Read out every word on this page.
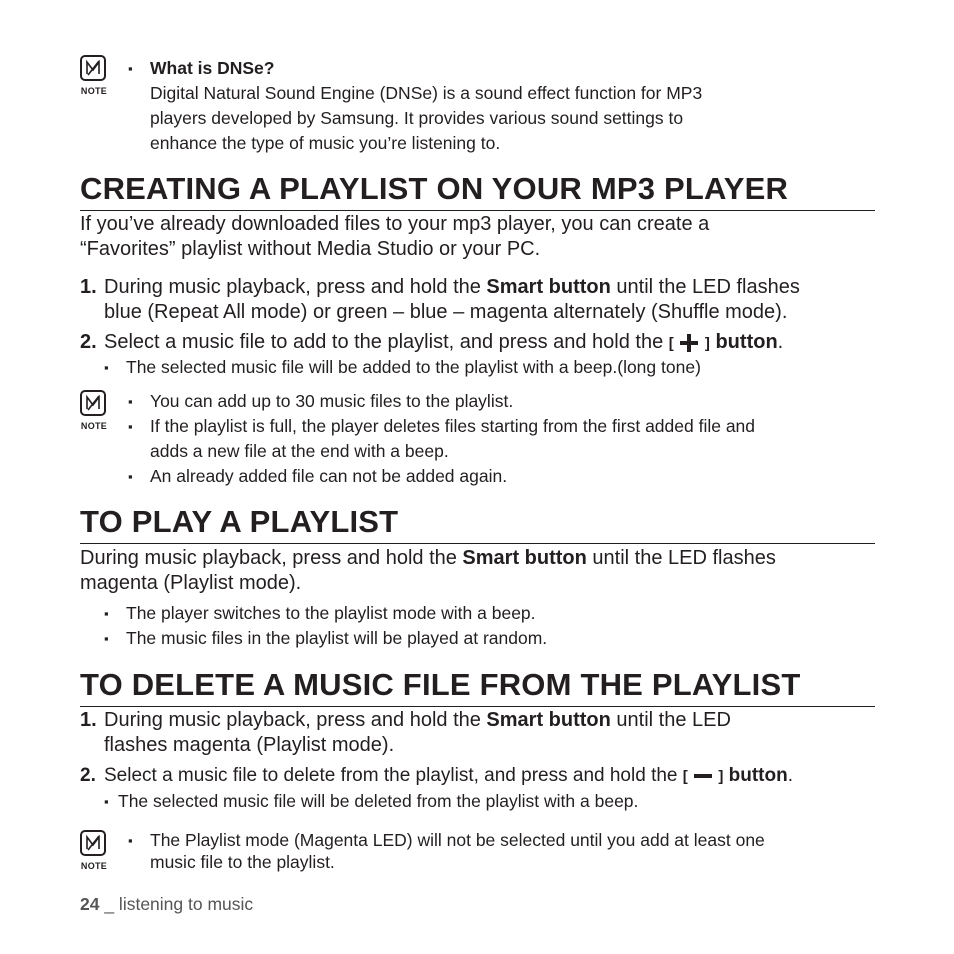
NOTE
▪ What is DNSe?
Digital Natural Sound Engine (DNSe) is a sound effect function for MP3
players developed by Samsung. It provides various sound settings to
enhance the type of music you’re listening to.
CREATING A PLAYLIST ON YOUR MP3 PLAYER
If you’ve already downloaded files to your mp3 player, you can create a
“Favorites” playlist without Media Studio or your PC.
1. During music playback, press and hold the Smart button until the LED flashes
blue (Repeat All mode) or green – blue – magenta alternately (Shuffle mode).
2. Select a music file to add to the playlist, and press and hold the [ ] button.
▪ The selected music file will be added to the playlist with a beep.(long tone)
NOTE
▪ You can add up to 30 music files to the playlist.
▪ If the playlist is full, the player deletes files starting from the first added file and
adds a new file at the end with a beep.
▪ An already added file can not be added again.
TO PLAY A PLAYLIST
During music playback, press and hold the Smart button until the LED flashes
magenta (Playlist mode).
▪ The player switches to the playlist mode with a beep.
▪ The music files in the playlist will be played at random.
TO DELETE A MUSIC FILE FROM THE PLAYLIST
1. During music playback, press and hold the Smart button until the LED
flashes magenta (Playlist mode).
2. Select a music file to delete from the playlist, and press and hold the [ ] button.
▪ The selected music file will be deleted from the playlist with a beep.
NOTE
▪ The Playlist mode (Magenta LED) will not be selected until you add at least one
music file to the playlist.
24 _ listening to music
